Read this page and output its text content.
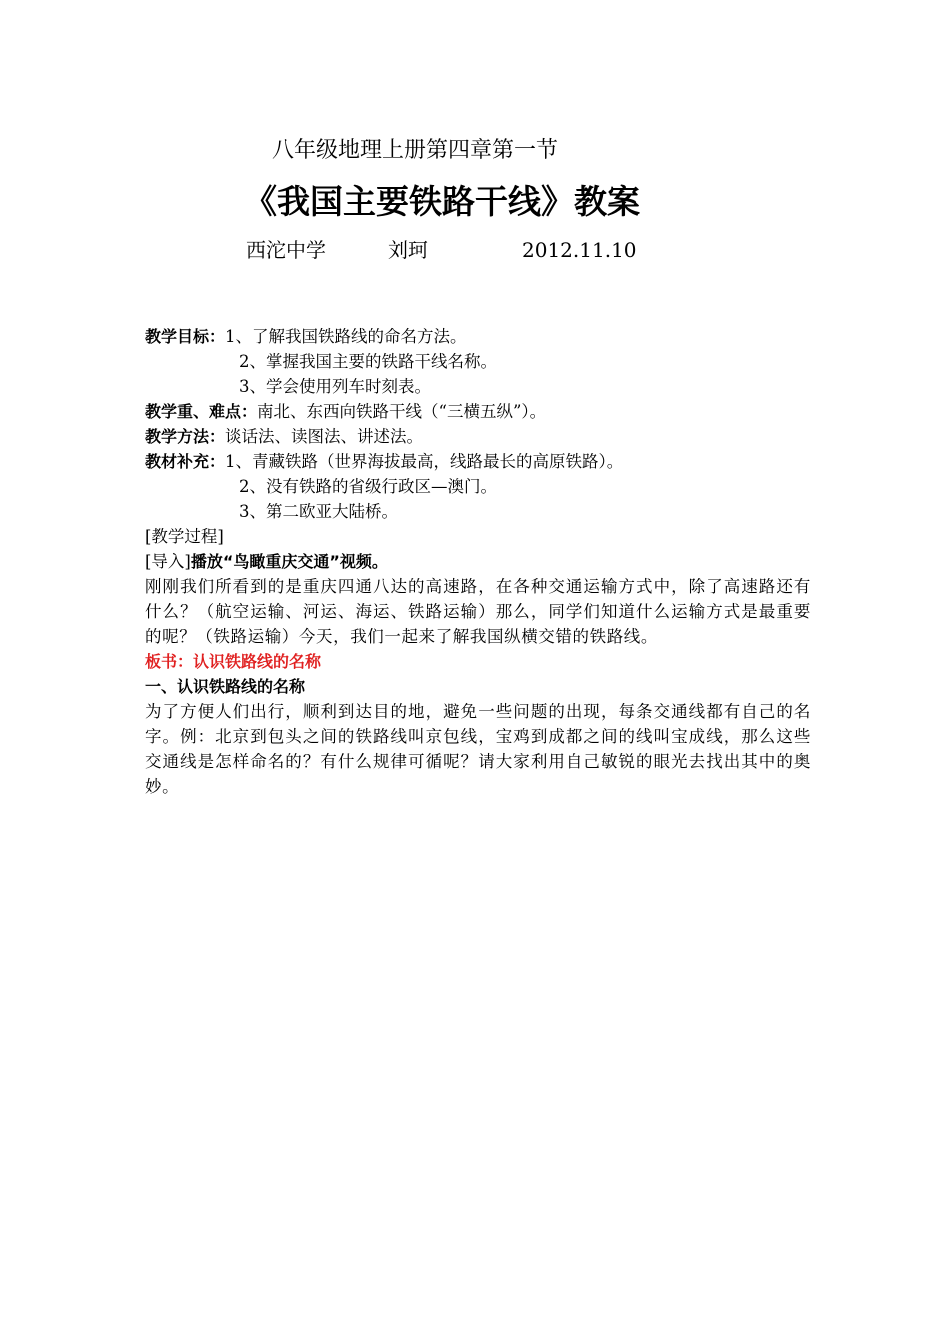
八年级地理上册第四章第一节
《我国主要铁路干线》教案
西沱中学	刘珂	2012.11.10
教学目标：1、了解我国铁路线的命名方法。
2、掌握我国主要的铁路干线名称。
3、学会使用列车时刻表。
教学重、难点：南北、东西向铁路干线（“三横五纵”）。
教学方法：谈话法、读图法、讲述法。
教材补充：1、青藏铁路（世界海拔最高，线路最长的高原铁路）。
2、没有铁路的省级行政区—澳门。
3、第二欧亚大陆桥。
[教学过程]
[导入]播放“鸟瞰重庆交通”视频。
刚刚我们所看到的是重庆四通八达的高速路，在各种交通运输方式中，除了高速路还有什么？（航空运输、河运、海运、铁路运输）那么，同学们知道什么运输方式是最重要的呢？（铁路运输）今天，我们一起来了解我国纵横交错的铁路线。
板书：认识铁路线的名称
一、认识铁路线的名称
为了方便人们出行，顺利到达目的地，避免一些问题的出现，每条交通线都有自己的名字。例：北京到包头之间的铁路线叫京包线，宝鸡到成都之间的线叫宝成线，那么这些交通线是怎样命名的？有什么规律可循呢？请大家利用自己敏锐的眼光去找出其中的奥妙。
